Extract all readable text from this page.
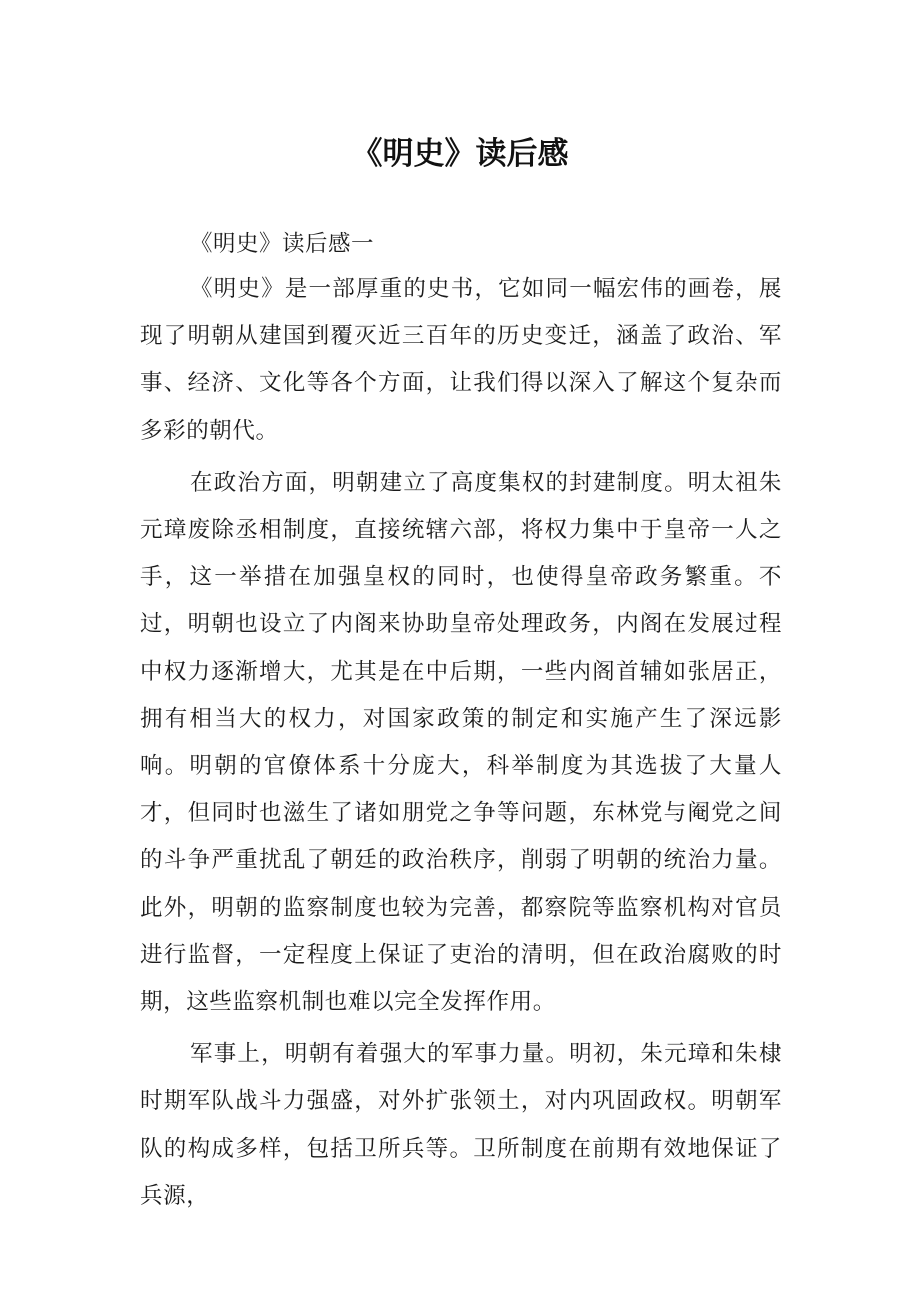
《明史》读后感

《明史》读后感一

《明史》是一部厚重的史书，它如同一幅宏伟的画卷，展现了明朝从建国到覆灭近三百年的历史变迁，涵盖了政治、军事、经济、文化等各个方面，让我们得以深入了解这个复杂而多彩的朝代。

在政治方面，明朝建立了高度集权的封建制度。明太祖朱元璋废除丞相制度，直接统辖六部，将权力集中于皇帝一人之手，这一举措在加强皇权的同时，也使得皇帝政务繁重。不过，明朝也设立了内阁来协助皇帝处理政务，内阁在发展过程中权力逐渐增大，尤其是在中后期，一些内阁首辅如张居正，拥有相当大的权力，对国家政策的制定和实施产生了深远影响。明朝的官僚体系十分庞大，科举制度为其选拔了大量人才，但同时也滋生了诸如朋党之争等问题，东林党与阉党之间的斗争严重扰乱了朝廷的政治秩序，削弱了明朝的统治力量。此外，明朝的监察制度也较为完善，都察院等监察机构对官员进行监督，一定程度上保证了吏治的清明，但在政治腐败的时期，这些监察机制也难以完全发挥作用。

军事上，明朝有着强大的军事力量。明初，朱元璋和朱棣时期军队战斗力强盛，对外扩张领土，对内巩固政权。明朝军队的构成多样，包括卫所兵等。卫所制度在前期有效地保证了兵源，
